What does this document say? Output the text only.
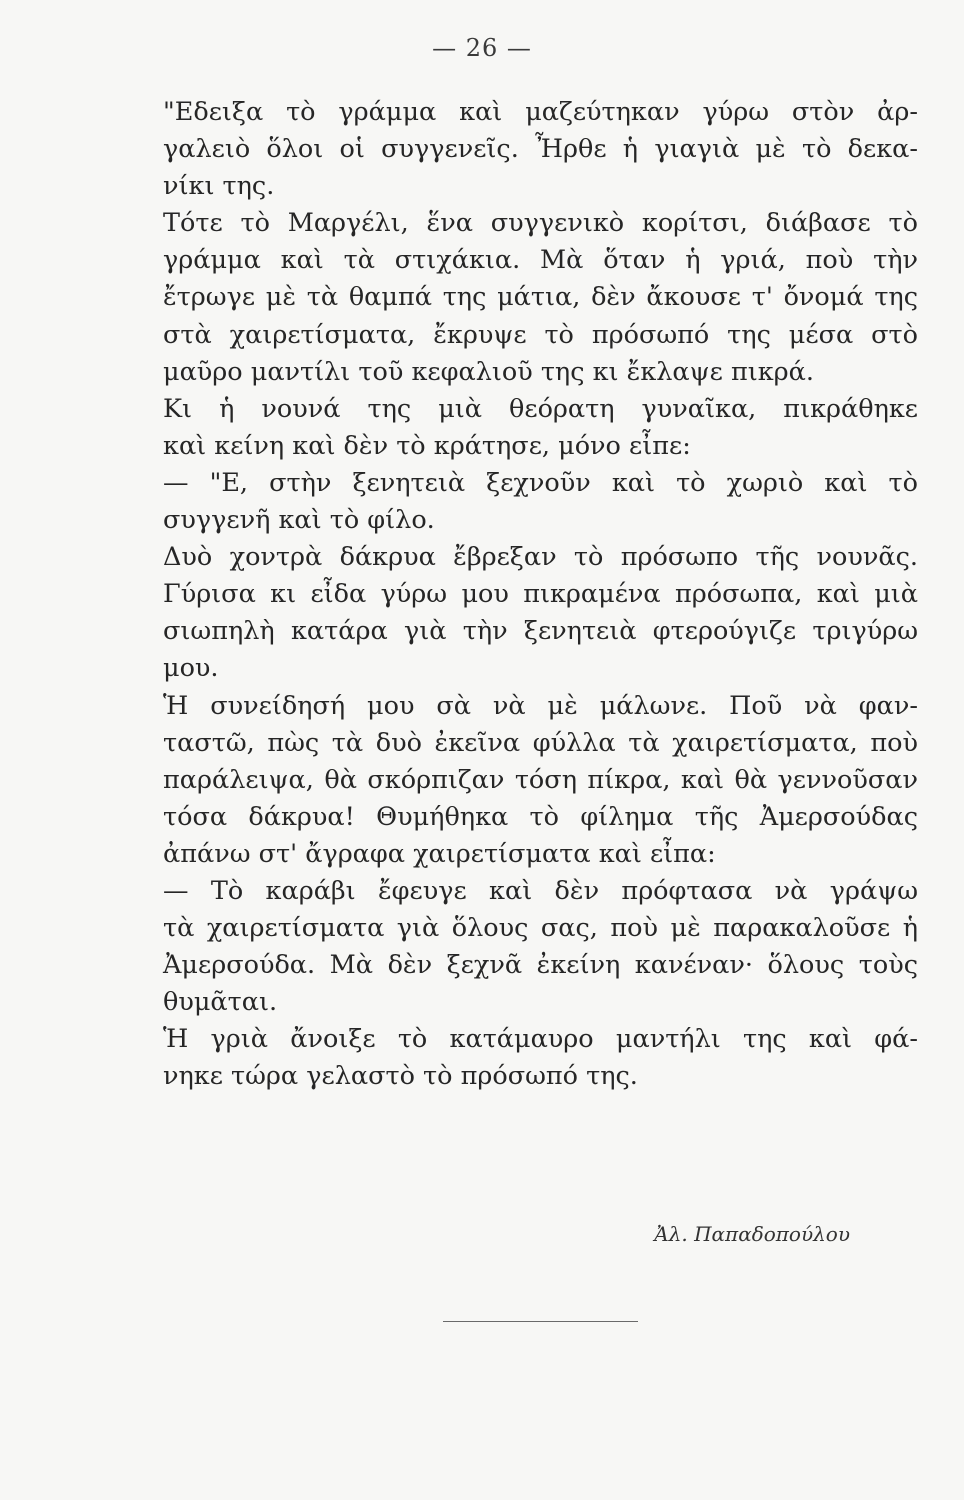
— 26 —
"Εδειξα τὸ γράμμα καὶ μαζεύτηκαν γύρω στὸν ἀρ-
γαλειὸ ὅλοι οἱ συγγενεῖς. Ἦρθε ἡ γιαγιὰ μὲ τὸ δεκα-
νίκι της.
Τότε τὸ Μαργέλι, ἕνα συγγενικὸ κορίτσι, διάβασε τὸ
γράμμα καὶ τὰ στιχάκια. Μὰ ὅταν ἡ γριά, ποὺ τὴν
ἔτρωγε μὲ τὰ θαμπά της μάτια, δὲν ἄκουσε τ' ὄνομά της
στὰ χαιρετίσματα, ἔκρυψε τὸ πρόσωπό της μέσα στὸ
μαῦρο μαντίλι τοῦ κεφαλιοῦ της κι ἔκλαψε πικρά.
Κι ἡ νουνά της μιὰ θεόρατη γυναῖκα, πικράθηκε
καὶ κείνη καὶ δὲν τὸ κράτησε, μόνο εἶπε:
— "Ε, στὴν ξενητειὰ ξεχνοῦν καὶ τὸ χωριὸ καὶ τὸ
συγγενῆ καὶ τὸ φίλο.
Δυὸ χοντρὰ δάκρυα ἔβρεξαν τὸ πρόσωπο τῆς νουνᾶς.
Γύρισα κι εἶδα γύρω μου πικραμένα πρόσωπα, καὶ μιὰ
σιωπηλὴ κατάρα γιὰ τὴν ξενητειὰ φτερούγιζε τριγύρω
μου.
Ἡ συνείδησή μου σὰ νὰ μὲ μάλωνε. Ποῦ νὰ φαν-
ταστῶ, πὼς τὰ δυὸ ἐκεῖνα φύλλα τὰ χαιρετίσματα, ποὺ
παράλειψα, θὰ σκόρπιζαν τόση πίκρα, καὶ θὰ γεννοῦσαν
τόσα δάκρυα! Θυμήθηκα τὸ φίλημα τῆς Ἀμερσούδας
ἀπάνω στ' ἄγραφα χαιρετίσματα καὶ εἶπα:
— Τὸ καράβι ἔφευγε καὶ δὲν πρόφτασα νὰ γράψω
τὰ χαιρετίσματα γιὰ ὅλους σας, ποὺ μὲ παρακαλοῦσε ἡ
Ἀμερσούδα. Μὰ δὲν ξεχνᾶ ἐκείνη κανέναν· ὅλους τοὺς
θυμᾶται.
Ἡ γριὰ ἄνοιξε τὸ κατάμαυρο μαντήλι της καὶ φά-
νηκε τώρα γελαστὸ τὸ πρόσωπό της.
Ἀλ. Παπαδοπούλου
